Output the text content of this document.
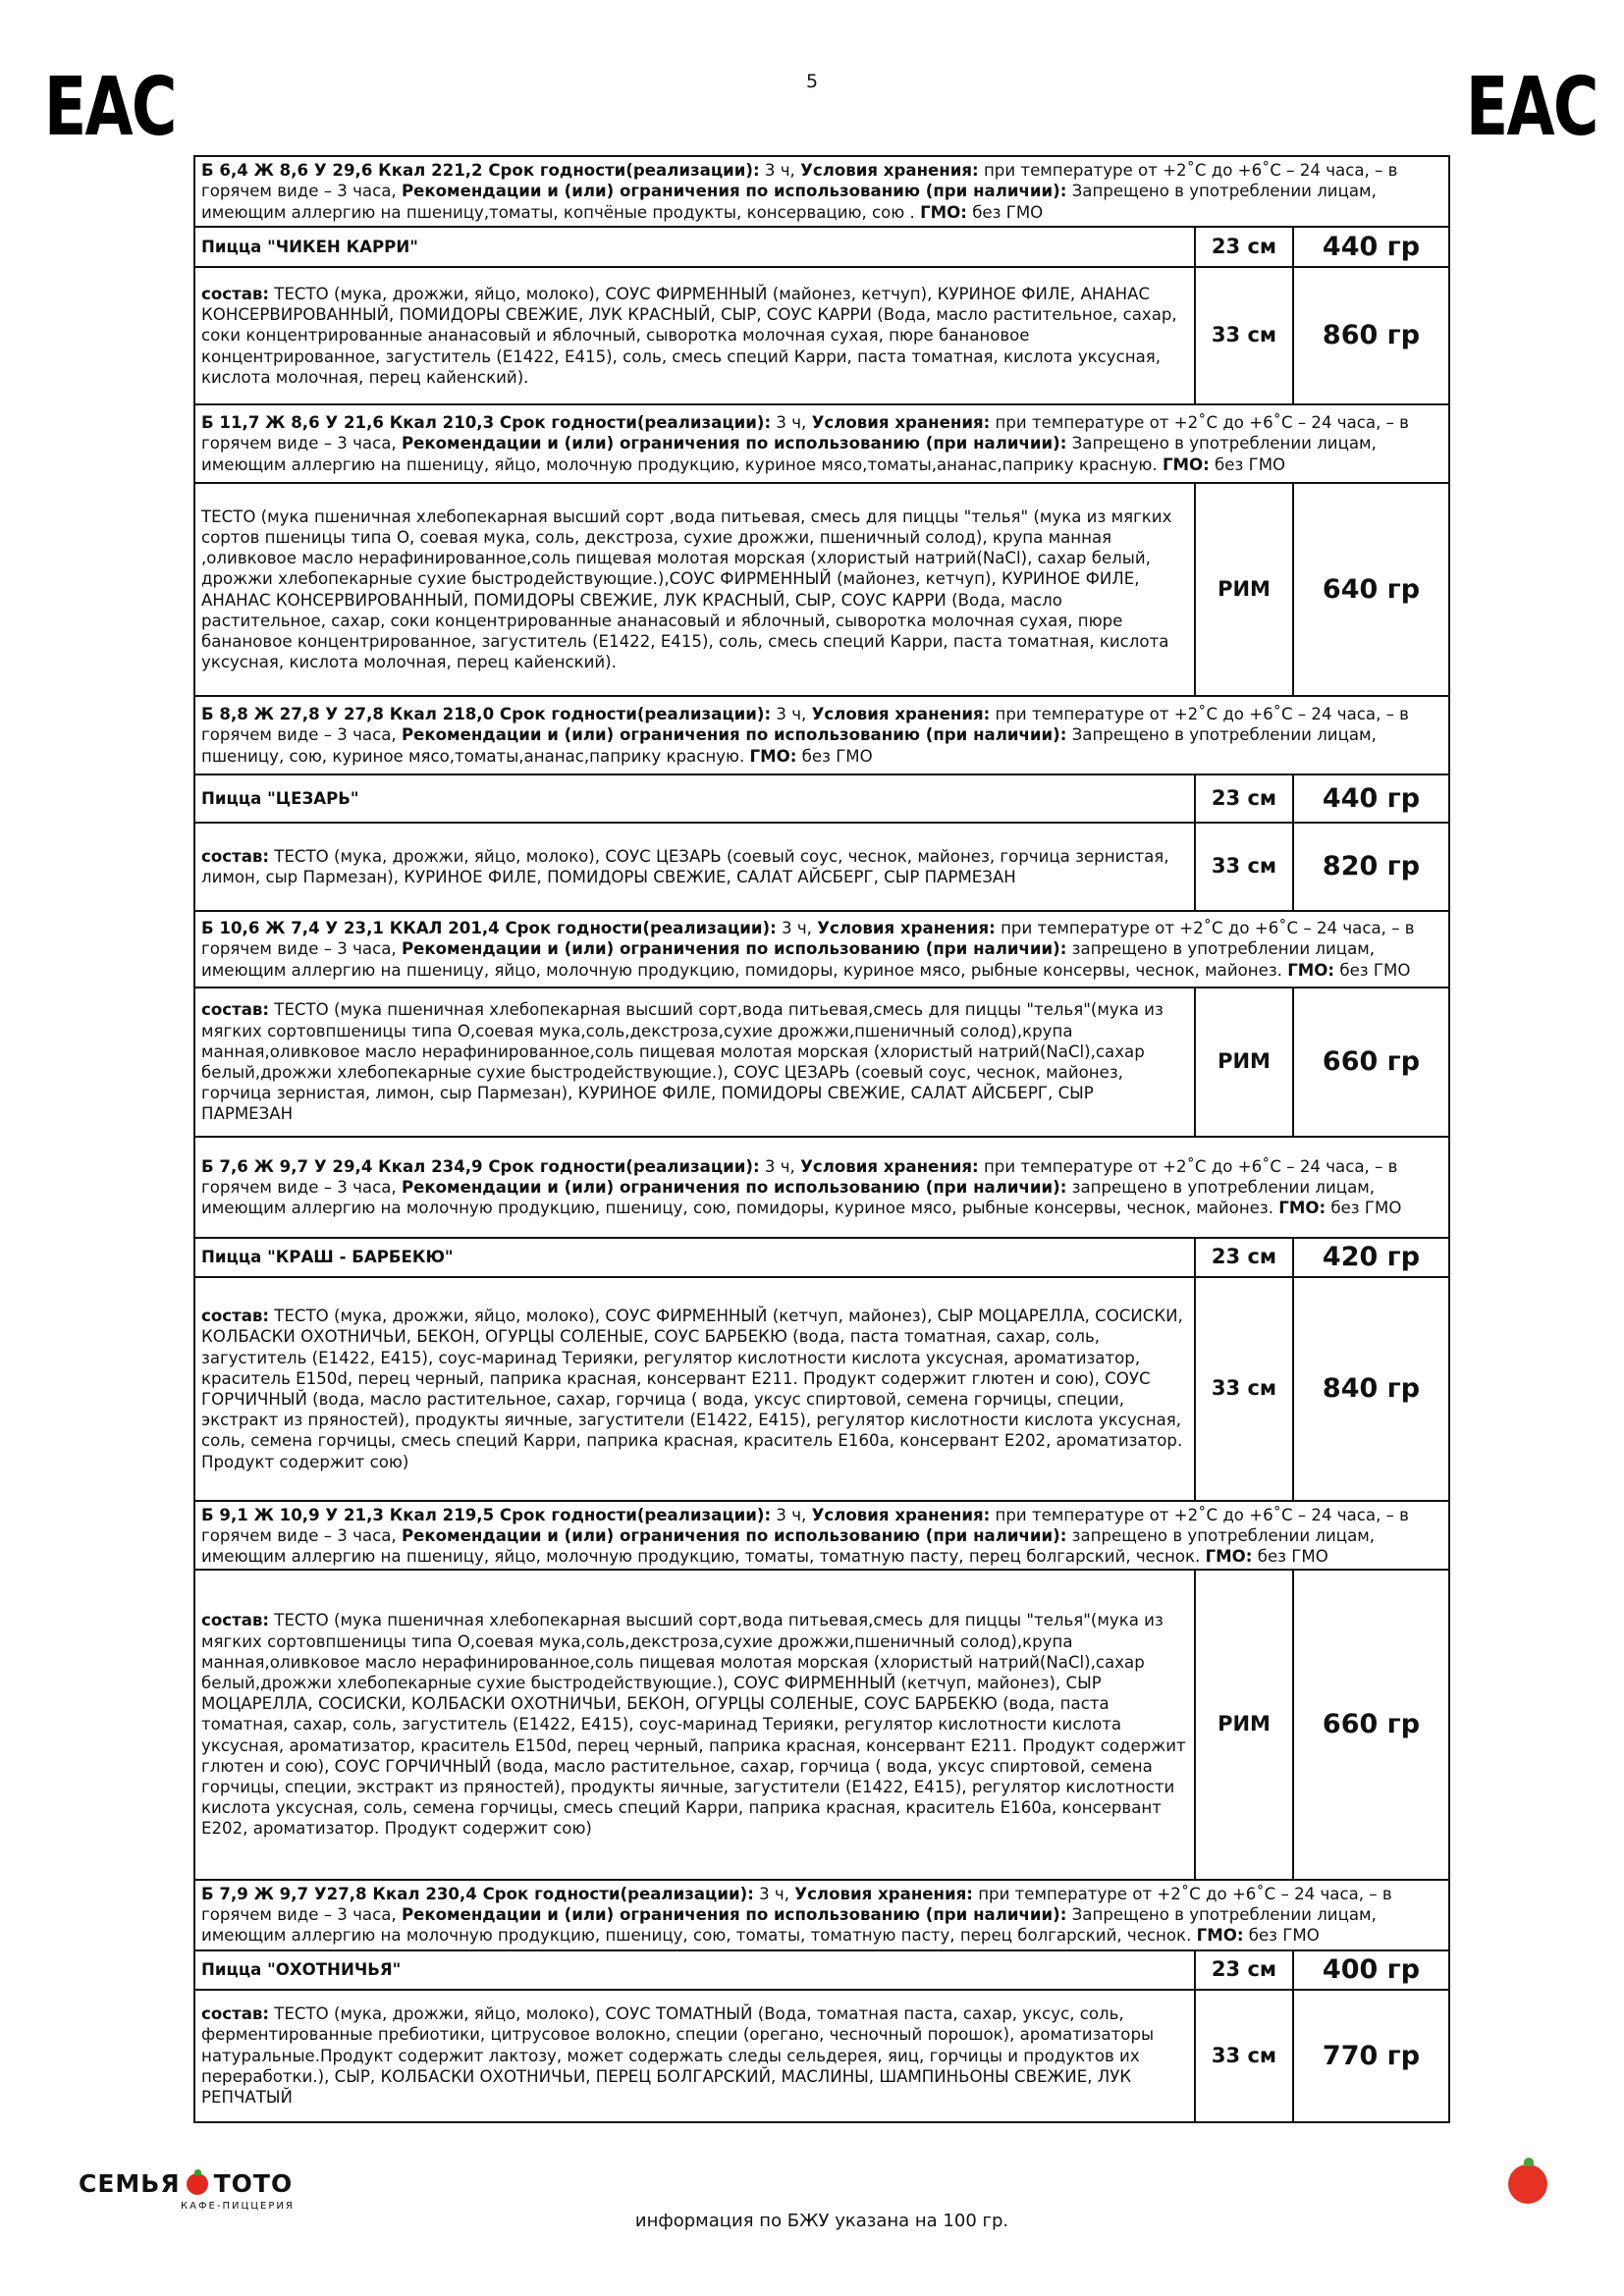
5
ЕАС	ЕАС
Б 6,4 Ж 8,6 У 29,6 Ккал 221,2 Срок годности(реализации): 3 ч, Условия хранения: при температуре от +2˚С до +6˚С – 24 часа, – в горячем виде – 3 часа, Рекомендации и (или) ограничения по использованию (при наличии): Запрещено в употреблении лицам, имеющим аллергию на пшеницу,томаты, копчёные продукты, консервацию, сою . ГМО: без ГМО		

Пицца "ЧИКЕН КАРРИ"	23 см	440 гр
состав: ТЕСТО (мука, дрожжи, яйцо, молоко), СОУС ФИРМЕННЫЙ (майонез, кетчуп), КУРИНОЕ ФИЛЕ, АНАНАС КОНСЕРВИРОВАННЫЙ, ПОМИДОРЫ СВЕЖИЕ, ЛУК КРАСНЫЙ, СЫР, СОУС КАРРИ (Вода, масло растительное, сахар, соки концентрированные ананасовый и яблочный, сыворотка молочная сухая, пюре банановое концентрированное, загуститель (E1422, E415), соль, смесь специй Карри, паста томатная, кислота уксусная, кислота молочная, перец кайенский).	33 см	860 гр

Б 11,7 Ж 8,6 У 21,6 Ккал 210,3 Срок годности(реализации): 3 ч, Условия хранения: при температуре от +2˚С до +6˚С – 24 часа, – в горячем виде – 3 часа, Рекомендации и (или) ограничения по использованию (при наличии): Запрещено в употреблении лицам, имеющим аллергию на пшеницу, яйцо, молочную продукцию, куриное мясо,томаты,ананас,паприку красную. ГМО: без ГМО		

ТЕСТО (мука пшеничная хлебопекарная высший сорт ,вода питьевая, смесь для пиццы "телья" (мука из мягких сортов пшеницы типа O, соевая мука, соль, декстроза, сухие дрожжи, пшеничный солод), крупа манная ,оливковое масло нерафинированное,соль пищевая молотая морская (хлористый натрий(NaCl), сахар белый, дрожжи хлебопекарные сухие быстродействующие.),СОУС ФИРМЕННЫЙ (майонез, кетчуп), КУРИНОЕ ФИЛЕ, АНАНАС КОНСЕРВИРОВАННЫЙ, ПОМИДОРЫ СВЕЖИЕ, ЛУК КРАСНЫЙ, СЫР, СОУС КАРРИ (Вода, масло растительное, сахар, соки концентрированные ананасовый и яблочный, сыворотка молочная сухая, пюре банановое концентрированное, загуститель (E1422, E415), соль, смесь специй Карри, паста томатная, кислота уксусная, кислота молочная, перец кайенский).	РИМ	640 гр

Б 8,8 Ж 27,8 У 27,8 Ккал 218,0 Срок годности(реализации): 3 ч, Условия хранения: при температуре от +2˚С до +6˚С – 24 часа, – в горячем виде – 3 часа, Рекомендации и (или) ограничения по использованию (при наличии): Запрещено в употреблении лицам, пшеницу, сою, куриное мясо,томаты,ананас,паприку красную. ГМО: без ГМО		

Пицца "ЦЕЗАРЬ"	23 см	440 гр
состав: ТЕСТО (мука, дрожжи, яйцо, молоко), СОУС ЦЕЗАРЬ (соевый соус, чеснок, майонез, горчица зернистая, лимон, сыр Пармезан), КУРИНОЕ ФИЛЕ, ПОМИДОРЫ СВЕЖИЕ, САЛАТ АЙСБЕРГ, СЫР ПАРМЕЗАН	33 см	820 гр

Б 10,6 Ж 7,4 У 23,1 ККАЛ 201,4 Срок годности(реализации): 3 ч, Условия хранения: при температуре от +2˚С до +6˚С – 24 часа, – в горячем виде – 3 часа, Рекомендации и (или) ограничения по использованию (при наличии): запрещено в употреблении лицам, имеющим аллергию на пшеницу, яйцо, молочную продукцию, помидоры, куриное мясо, рыбные консервы, чеснок, майонез. ГМО: без ГМО		

состав: ТЕСТО (мука пшеничная хлебопекарная высший сорт,вода питьевая,смесь для пиццы "телья"(мука из мягких сортовпшеницы типа O,соевая мука,соль,декстроза,сухие дрожжи,пшеничный солод),крупа манная,оливковое масло нерафинированное,соль пищевая молотая морская (хлористый натрий(NaCl),сахар белый,дрожжи хлебопекарные сухие быстродействующие.), СОУС ЦЕЗАРЬ (соевый соус, чеснок, майонез, горчица зернистая, лимон, сыр Пармезан), КУРИНОЕ ФИЛЕ, ПОМИДОРЫ СВЕЖИЕ, САЛАТ АЙСБЕРГ, СЫР ПАРМЕЗАН	РИМ	660 гр

Б 7,6 Ж 9,7 У 29,4 Ккал 234,9 Срок годности(реализации): 3 ч, Условия хранения: при температуре от +2˚С до +6˚С – 24 часа, – в горячем виде – 3 часа, Рекомендации и (или) ограничения по использованию (при наличии): запрещено в употреблении лицам, имеющим аллергию на молочную продукцию, пшеницу, сою, помидоры, куриное мясо, рыбные консервы, чеснок, майонез. ГМО: без ГМО		

Пицца "КРАШ - БАРБЕКЮ"	23 см	420 гр
состав: ТЕСТО (мука, дрожжи, яйцо, молоко), СОУС ФИРМЕННЫЙ (кетчуп, майонез), СЫР МОЦАРЕЛЛА, СОСИСКИ, КОЛБАСКИ ОХОТНИЧЬИ, БЕКОН, ОГУРЦЫ СОЛЕНЫЕ, СОУС БАРБЕКЮ (вода, паста томатная, сахар, соль, загуститель (E1422, E415), соус-маринад Терияки, регулятор кислотности кислота уксусная, ароматизатор, краситель E150d, перец черный, паприка красная, консервант E211. Продукт содержит глютен и сою), СОУС ГОРЧИЧНЫЙ (вода, масло растительное, сахар, горчица ( вода, уксус спиртовой, семена горчицы, специи, экстракт из пряностей), продукты яичные, загустители (E1422, E415), регулятор кислотности кислота уксусная, соль, семена горчицы, смесь специй Карри, паприка красная, краситель E160a, консервант E202, ароматизатор. Продукт содержит сою)	33 см	840 гр

Б 9,1 Ж 10,9 У 21,3 Ккал 219,5 Срок годности(реализации): 3 ч, Условия хранения: при температуре от +2˚С до +6˚С – 24 часа, – в горячем виде – 3 часа, Рекомендации и (или) ограничения по использованию (при наличии): запрещено в употреблении лицам, имеющим аллергию на пшеницу, яйцо, молочную продукцию, томаты, томатную пасту, перец болгарский, чеснок. ГМО: без ГМО		

состав: ТЕСТО (мука пшеничная хлебопекарная высший сорт,вода питьевая,смесь для пиццы "телья"(мука из мягких сортовпшеницы типа O,соевая мука,соль,декстроза,сухие дрожжи,пшеничный солод),крупа манная,оливковое масло нерафинированное,соль пищевая молотая морская (хлористый натрий(NaCl),сахар белый,дрожжи хлебопекарные сухие быстродействующие.), СОУС ФИРМЕННЫЙ (кетчуп, майонез), СЫР МОЦАРЕЛЛА, СОСИСКИ, КОЛБАСКИ ОХОТНИЧЬИ, БЕКОН, ОГУРЦЫ СОЛЕНЫЕ, СОУС БАРБЕКЮ (вода, паста томатная, сахар, соль, загуститель (E1422, E415), соус-маринад Терияки, регулятор кислотности кислота уксусная, ароматизатор, краситель E150d, перец черный, паприка красная, консервант E211. Продукт содержит глютен и сою), СОУС ГОРЧИЧНЫЙ (вода, масло растительное, сахар, горчица ( вода, уксус спиртовой, семена горчицы, специи, экстракт из пряностей), продукты яичные, загустители (E1422, E415), регулятор кислотности кислота уксусная, соль, семена горчицы, смесь специй Карри, паприка красная, краситель E160a, консервант E202, ароматизатор. Продукт содержит сою)	РИМ	660 гр

Б 7,9 Ж 9,7 У27,8 Ккал 230,4 Срок годности(реализации): 3 ч, Условия хранения: при температуре от +2˚С до +6˚С – 24 часа, – в горячем виде – 3 часа, Рекомендации и (или) ограничения по использованию (при наличии): Запрещено в употреблении лицам, имеющим аллергию на молочную продукцию, пшеницу, сою, томаты, томатную пасту, перец болгарский, чеснок. ГМО: без ГМО		

Пицца "ОХОТНИЧЬЯ"	23 см	400 гр
состав: ТЕСТО (мука, дрожжи, яйцо, молоко), СОУС ТОМАТНЫЙ (Вода, томатная паста, сахар, уксус, соль, ферментированные пребиотики, цитрусовое волокно, специи (орегано, чесночный порошок), ароматизаторы натуральные.Продукт содержит лактозу, может содержать следы сельдерея, яиц, горчицы и продуктов их переработки.), СЫР, КОЛБАСКИ ОХОТНИЧЬИ, ПЕРЕЦ БОЛГАРСКИЙ, МАСЛИНЫ, ШАМПИНЬОНЫ СВЕЖИЕ, ЛУК РЕПЧАТЫЙ	33 см	770 гр
СЕМЬЯ ТОТО
КАФЕ-ПИЦЦЕРИЯ
информация по БЖУ указана на 100 гр.
